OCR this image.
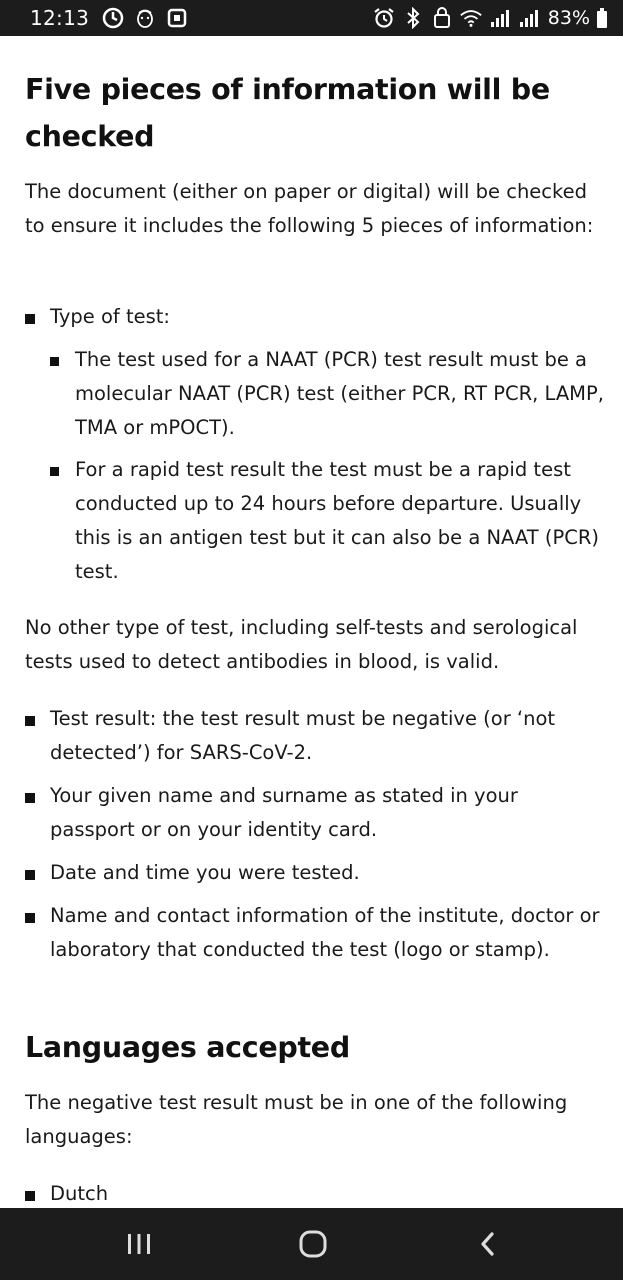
12:13	83%
Five pieces of information will be checked

The document (either on paper or digital) will be checked to ensure it includes the following 5 pieces of information:

Type of test:

The test used for a NAAT (PCR) test result must be a molecular NAAT (PCR) test (either PCR, RT PCR, LAMP, TMA or mPOCT).

For a rapid test result the test must be a rapid test conducted up to 24 hours before departure. Usually this is an antigen test but it can also be a NAAT (PCR) test.

No other type of test, including self-tests and serological tests used to detect antibodies in blood, is valid.

Test result: the test result must be negative (or ‘not detected’) for SARS-CoV-2.

Your given name and surname as stated in your passport or on your identity card.

Date and time you were tested.

Name and contact information of the institute, doctor or laboratory that conducted the test (logo or stamp).

Languages accepted

The negative test result must be in one of the following languages:

Dutch
